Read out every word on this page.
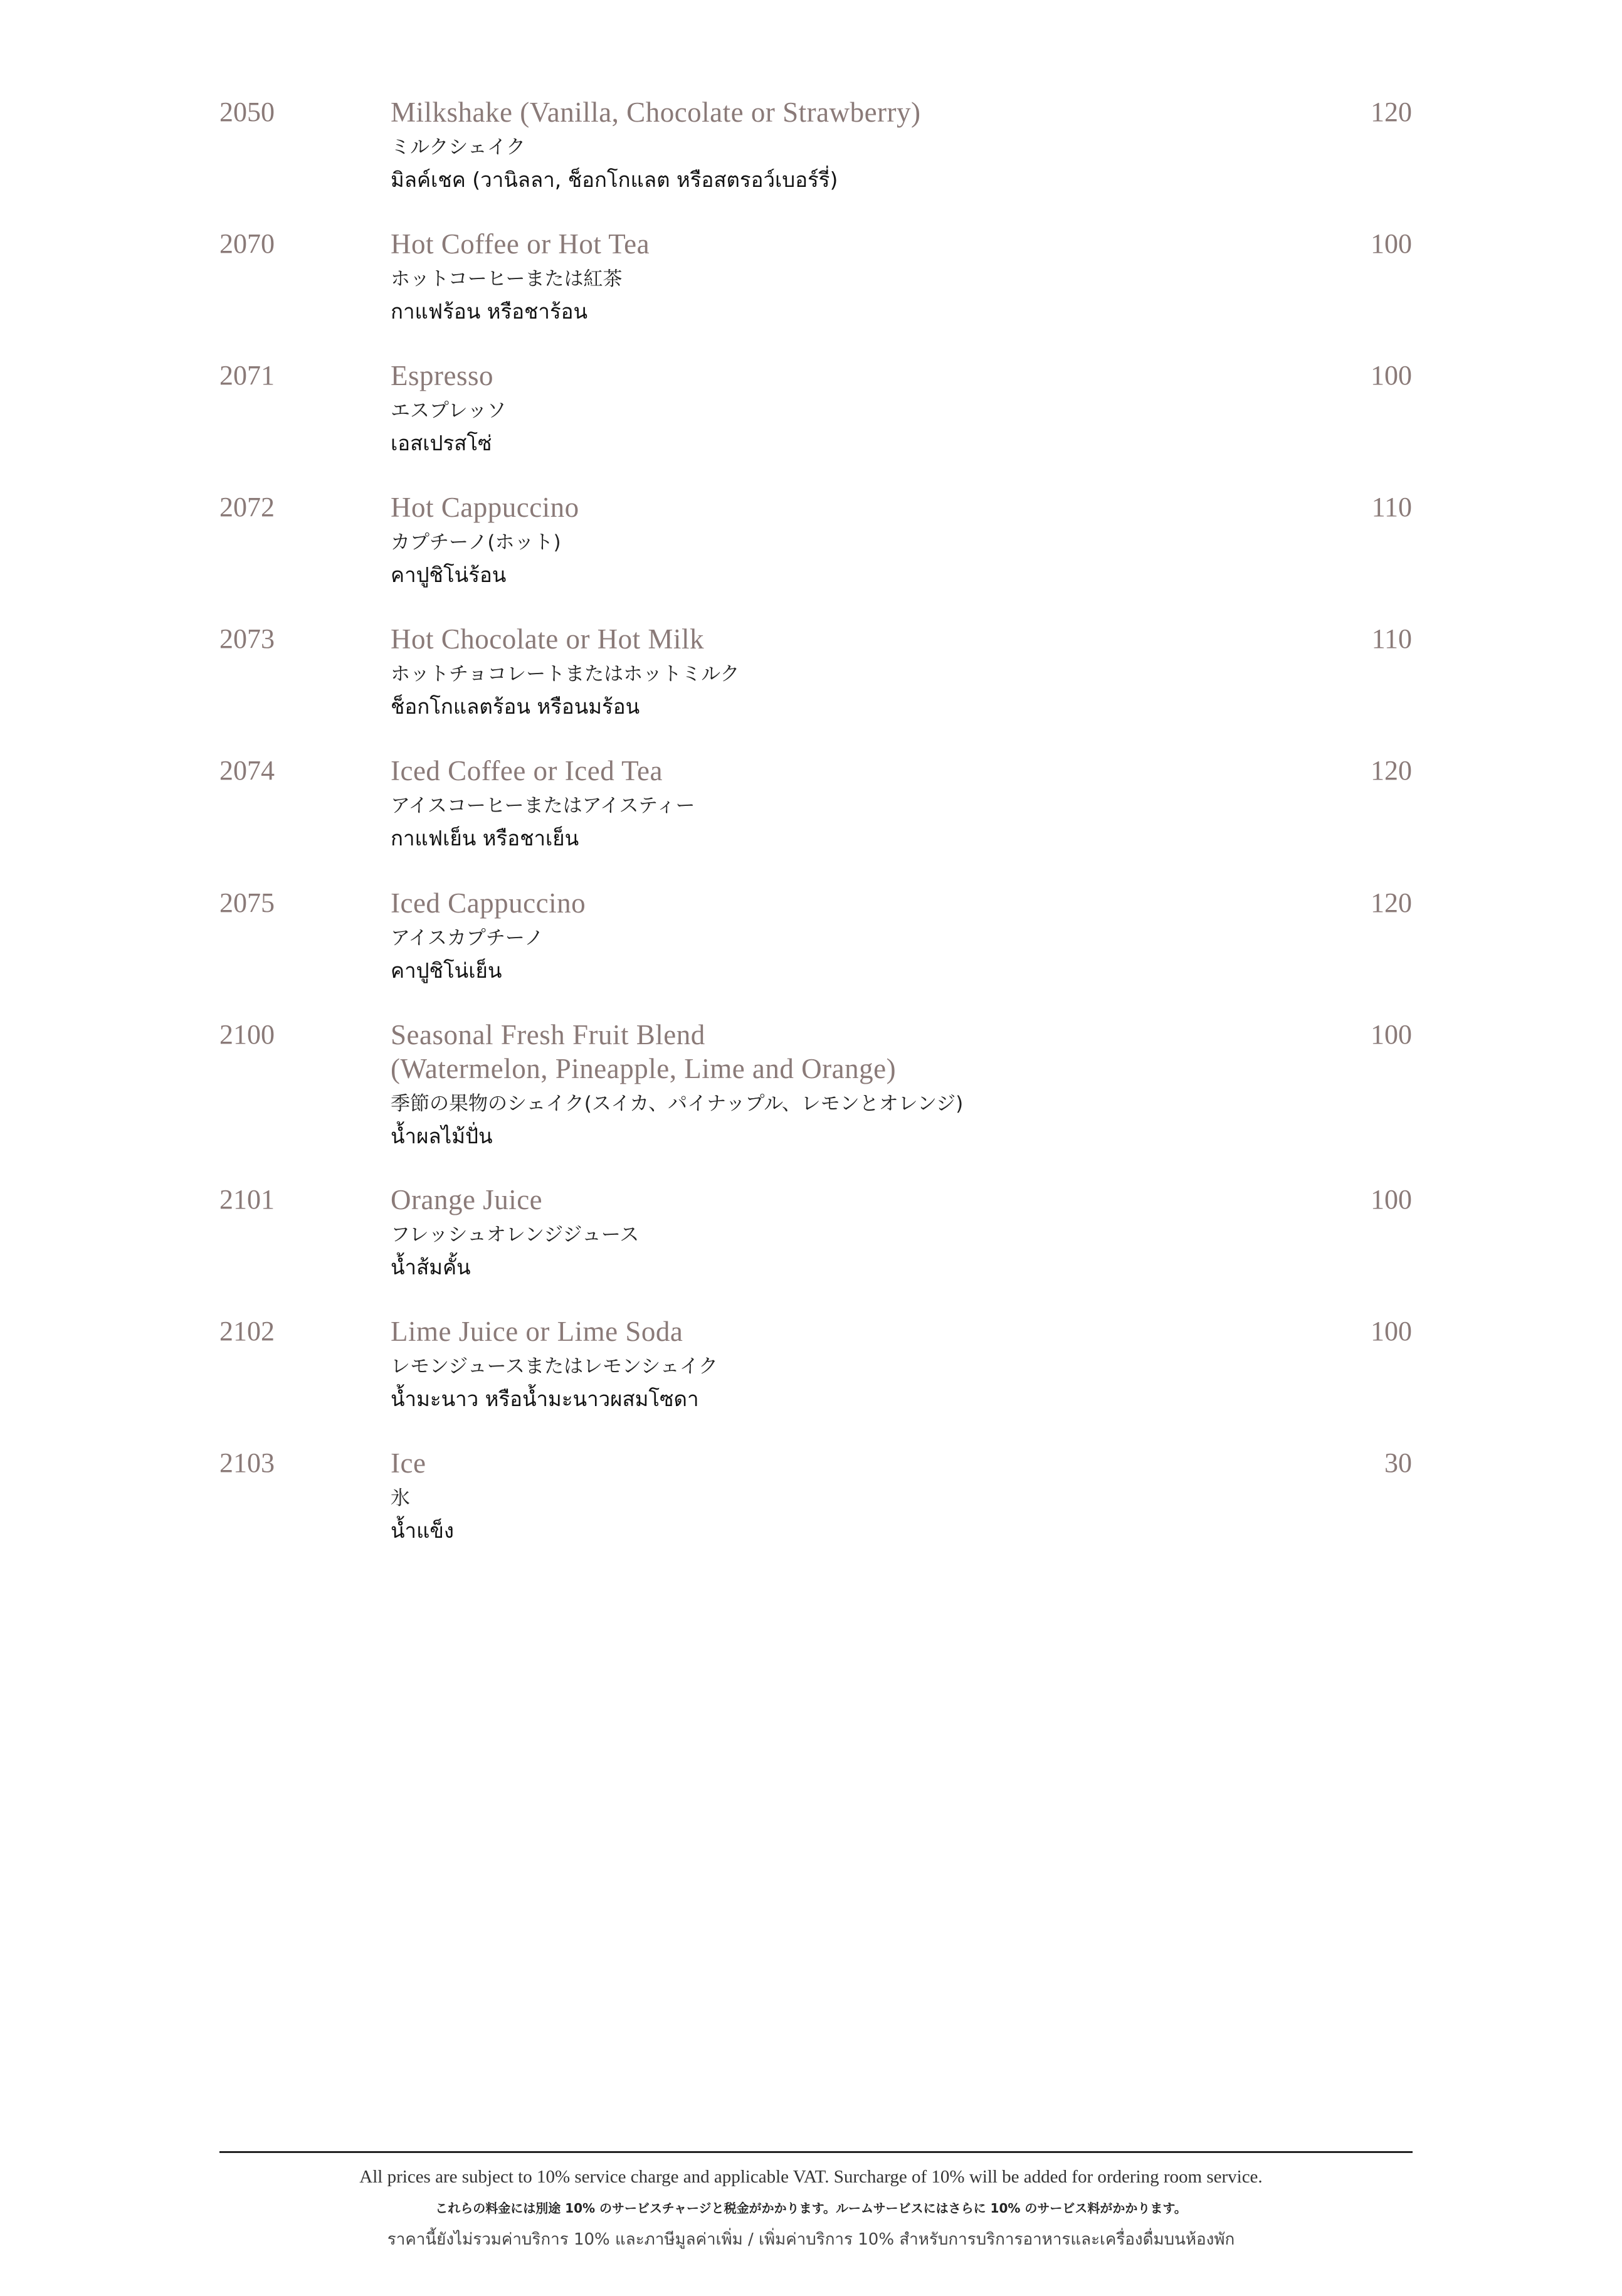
2050	Milkshake (Vanilla, Chocolate or Strawberry)
ミルクシェイク
มิลค์เชค (วานิลลา, ช็อกโกแลต หรือสตรอว์เบอร์รี่)
120
2070	Hot Coffee or Hot Tea
ホットコーヒーまたは紅茶
กาแฟร้อน หรือชาร้อน
100
2071	Espresso
エスプレッソ
เอสเปรสโซ่
100
2072	Hot Cappuccino
カプチーノ(ホット)
คาปูชิโน่ร้อน
110
2073	Hot Chocolate or Hot Milk
ホットチョコレートまたはホットミルク
ช็อกโกแลตร้อน หรือนมร้อน
110
2074	Iced Coffee or Iced Tea
アイスコーヒーまたはアイスティー
กาแฟเย็น หรือชาเย็น
120
2075	Iced Cappuccino
アイスカプチーノ
คาปูชิโน่เย็น
120
2100	Seasonal Fresh Fruit Blend
(Watermelon, Pineapple, Lime and Orange)
季節の果物のシェイク(スイカ、パイナップル、レモンとオレンジ)
น้ำผลไม้ปั่น
100
2101	Orange Juice
フレッシュオレンジジュース
น้ำส้มคั้น
100
2102	Lime Juice or Lime Soda
レモンジュースまたはレモンシェイク
น้ำมะนาว หรือน้ำมะนาวผสมโซดา
100
2103	Ice
氷
น้ำแข็ง
30
All prices are subject to 10% service charge and applicable VAT. Surcharge of 10% will be added for ordering room service.
これらの料金には別途 10% のサービスチャージと税金がかかります。ルームサービスにはさらに 10% のサービス料がかかります。
ราคานี้ยังไม่รวมค่าบริการ 10% และภาษีมูลค่าเพิ่ม / เพิ่มค่าบริการ 10% สำหรับการบริการอาหารและเครื่องดื่มบนห้องพัก
